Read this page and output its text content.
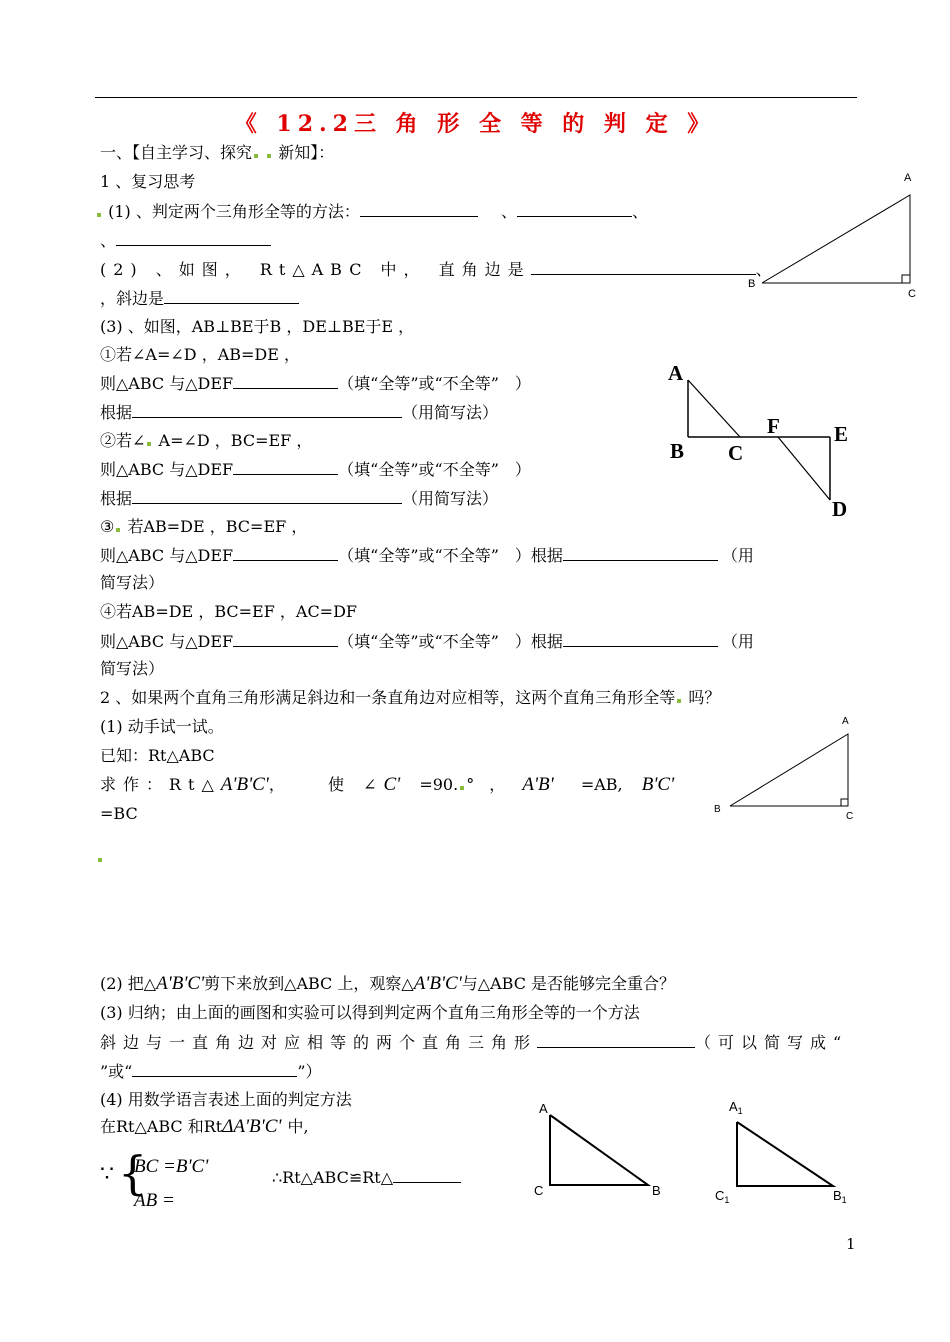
《 12.2三 角 形 全 等 的 判 定 》
一、【自主学习、探究 新知】：
1 、复习思考
(1) 、判定两个三角形全等的方法：	、	、
、
(2) 、如图， Rt△ABC 中， 直角边是	、
，斜边是
(3) 、如图，AB⊥BE于B ，DE⊥BE于E ，
①若∠A=∠D ，AB=DE ，
则△ABC 与△DEF	（填“全等”或“不全等”　）
根据	（用简写法）
②若∠ A=∠D ，BC=EF ，
则△ABC 与△DEF	（填“全等”或“不全等”　）
根据	（用简写法）
③ 若AB=DE ，BC=EF ，
则△ABC 与△DEF	（填“全等”或“不全等”　）根据	（用
简写法）
④若AB=DE ，BC=EF ，AC=DF
则△ABC 与△DEF	（填“全等”或“不全等”　）根据	（用
简写法）
2 、如果两个直角三角形满足斜边和一条直角边对应相等，这两个直角三角形全等 吗？
(1) 动手试一试。
已知：Rt△ABC
求作：Rt△A'B'C'，	使 ∠C' =90. ° ， A'B' =AB, B'C'
=BC
(2) 把△A'B'C'剪下来放到△ABC 上，观察△A'B'C'与△ABC 是否能够完全重合？
(3) 归纳；由上面的画图和实验可以得到判定两个直角三角形全等的一个方法
斜边与一直角边对应相等的两个直角三角形	（可以简写成“
”或“	”）
(4) 用数学语言表述上面的判定方法
在Rt△ABC 和RtΔA'B'C' 中,
∵ {
BC =B'C'
AB =
∴Rt△ABC≌Rt△
A
B
C
A
B C
F	E
D
A
B
C
A
C	B
$A_1$
$C_1$	$B_1$
1
